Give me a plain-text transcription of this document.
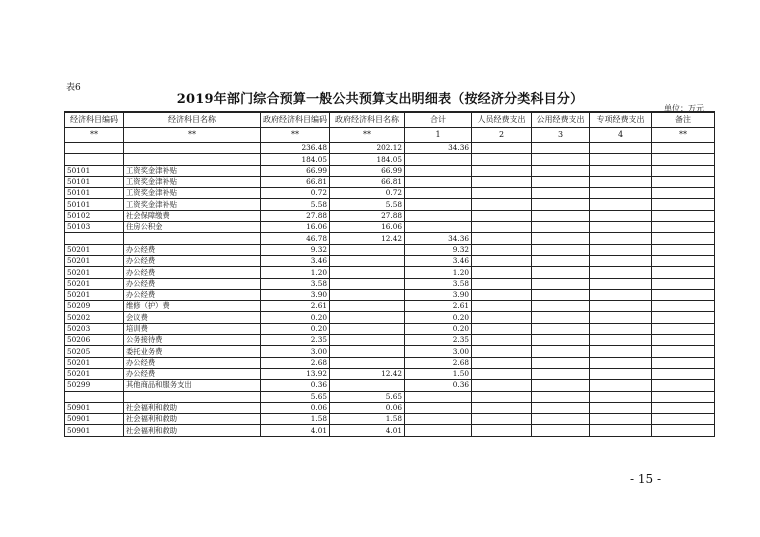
表6
2019年部门综合预算一般公共预算支出明细表（按经济分类科目分）
单位：万元
经济科目编码	经济科目名称	政府经济科目编码	政府经济科目名称	合计	人员经费支出	公用经费支出	专项经费支出	备注
**	**	**	**	1	2	3	4	**
		236.48	202.12	34.36				
		184.05	184.05					
50101	工资奖金津补贴	66.99	66.99					
50101	工资奖金津补贴	66.81	66.81					
50101	工资奖金津补贴	0.72	0.72					
50101	工资奖金津补贴	5.58	5.58					
50102	社会保障缴费	27.88	27.88					
50103	住房公积金	16.06	16.06					
		46.78	12.42	34.36				
50201	办公经费	9.32		9.32				
50201	办公经费	3.46		3.46				
50201	办公经费	1.20		1.20				
50201	办公经费	3.58		3.58				
50201	办公经费	3.90		3.90				
50209	维修（护）费	2.61		2.61				
50202	会议费	0.20		0.20				
50203	培训费	0.20		0.20				
50206	公务接待费	2.35		2.35				
50205	委托业务费	3.00		3.00				
50201	办公经费	2.68		2.68				
50201	办公经费	13.92	12.42	1.50				
50299	其他商品和服务支出	0.36		0.36				
		5.65	5.65					
50901	社会福利和救助	0.06	0.06					
50901	社会福利和救助	1.58	1.58					
50901	社会福利和救助	4.01	4.01					
- 15 -
